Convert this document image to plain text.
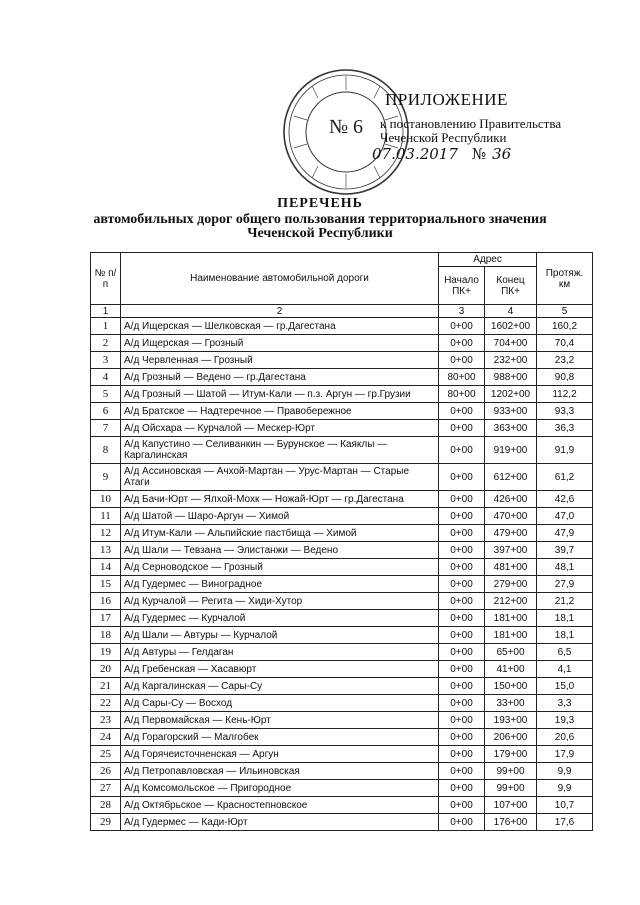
№ 6
ПРИЛОЖЕНИЕ
к постановлению Правительства
Чеченской Республики
07.03.2017 № 36
ПЕРЕЧЕНЬ
автомобильных дорог общего пользования территориального значения
Чеченской Республики
№ п/п	Наименование автомобильной дороги	Адрес		Протяж. км
		Начало ПК+	Конец ПК+	
1	2	3	4	5
1	А/д Ищерская — Шелковская — гр.Дагестана	0+00	1602+00	160,2
2	А/д Ищерская — Грозный	0+00	704+00	70,4
3	А/д Червленная — Грозный	0+00	232+00	23,2
4	А/д Грозный — Ведено — гр.Дагестана	80+00	988+00	90,8
5	А/д Грозный — Шатой — Итум-Кали — п.з. Аргун — гр.Грузии	80+00	1202+00	112,2
6	А/д Братское — Надтеречное — Правобережное	0+00	933+00	93,3
7	А/д Ойсхара — Курчалой — Мескер-Юрт	0+00	363+00	36,3
8	А/д Капустино — Селиванкин — Бурунское — Каяклы — Каргалинская	0+00	919+00	91,9
9	А/д Ассиновская — Ачхой-Мартан — Урус-Мартан — Старые Атаги	0+00	612+00	61,2
10	А/д Бачи-Юрт — Ялхой-Мохк — Ножай-Юрт — гр.Дагестана	0+00	426+00	42,6
11	А/д Шатой — Шаро-Аргун — Химой	0+00	470+00	47,0
12	А/д Итум-Кали — Альпийские пастбища — Химой	0+00	479+00	47,9
13	А/д Шали — Тевзана — Элистанжи — Ведено	0+00	397+00	39,7
14	А/д Серноводское — Грозный	0+00	481+00	48,1
15	А/д Гудермес — Виноградное	0+00	279+00	27,9
16	А/д Курчалой — Регита — Хиди-Хутор	0+00	212+00	21,2
17	А/д Гудермес — Курчалой	0+00	181+00	18,1
18	А/д Шали — Автуры — Курчалой	0+00	181+00	18,1
19	А/д Автуры — Гелдаган	0+00	65+00	6,5
20	А/д Гребенская — Хасавюрт	0+00	41+00	4,1
21	А/д Каргалинская — Сары-Су	0+00	150+00	15,0
22	А/д Сары-Су — Восход	0+00	33+00	3,3
23	А/д Первомайская — Кень-Юрт	0+00	193+00	19,3
24	А/д Горагорский — Малгобек	0+00	206+00	20,6
25	А/д Горячеисточненская — Аргун	0+00	179+00	17,9
26	А/д Петропавловская — Ильиновская	0+00	99+00	9,9
27	А/д Комсомольское — Пригородное	0+00	99+00	9,9
28	А/д Октябрьское — Красностепновское	0+00	107+00	10,7
29	А/д Гудермес — Кади-Юрт	0+00	176+00	17,6
